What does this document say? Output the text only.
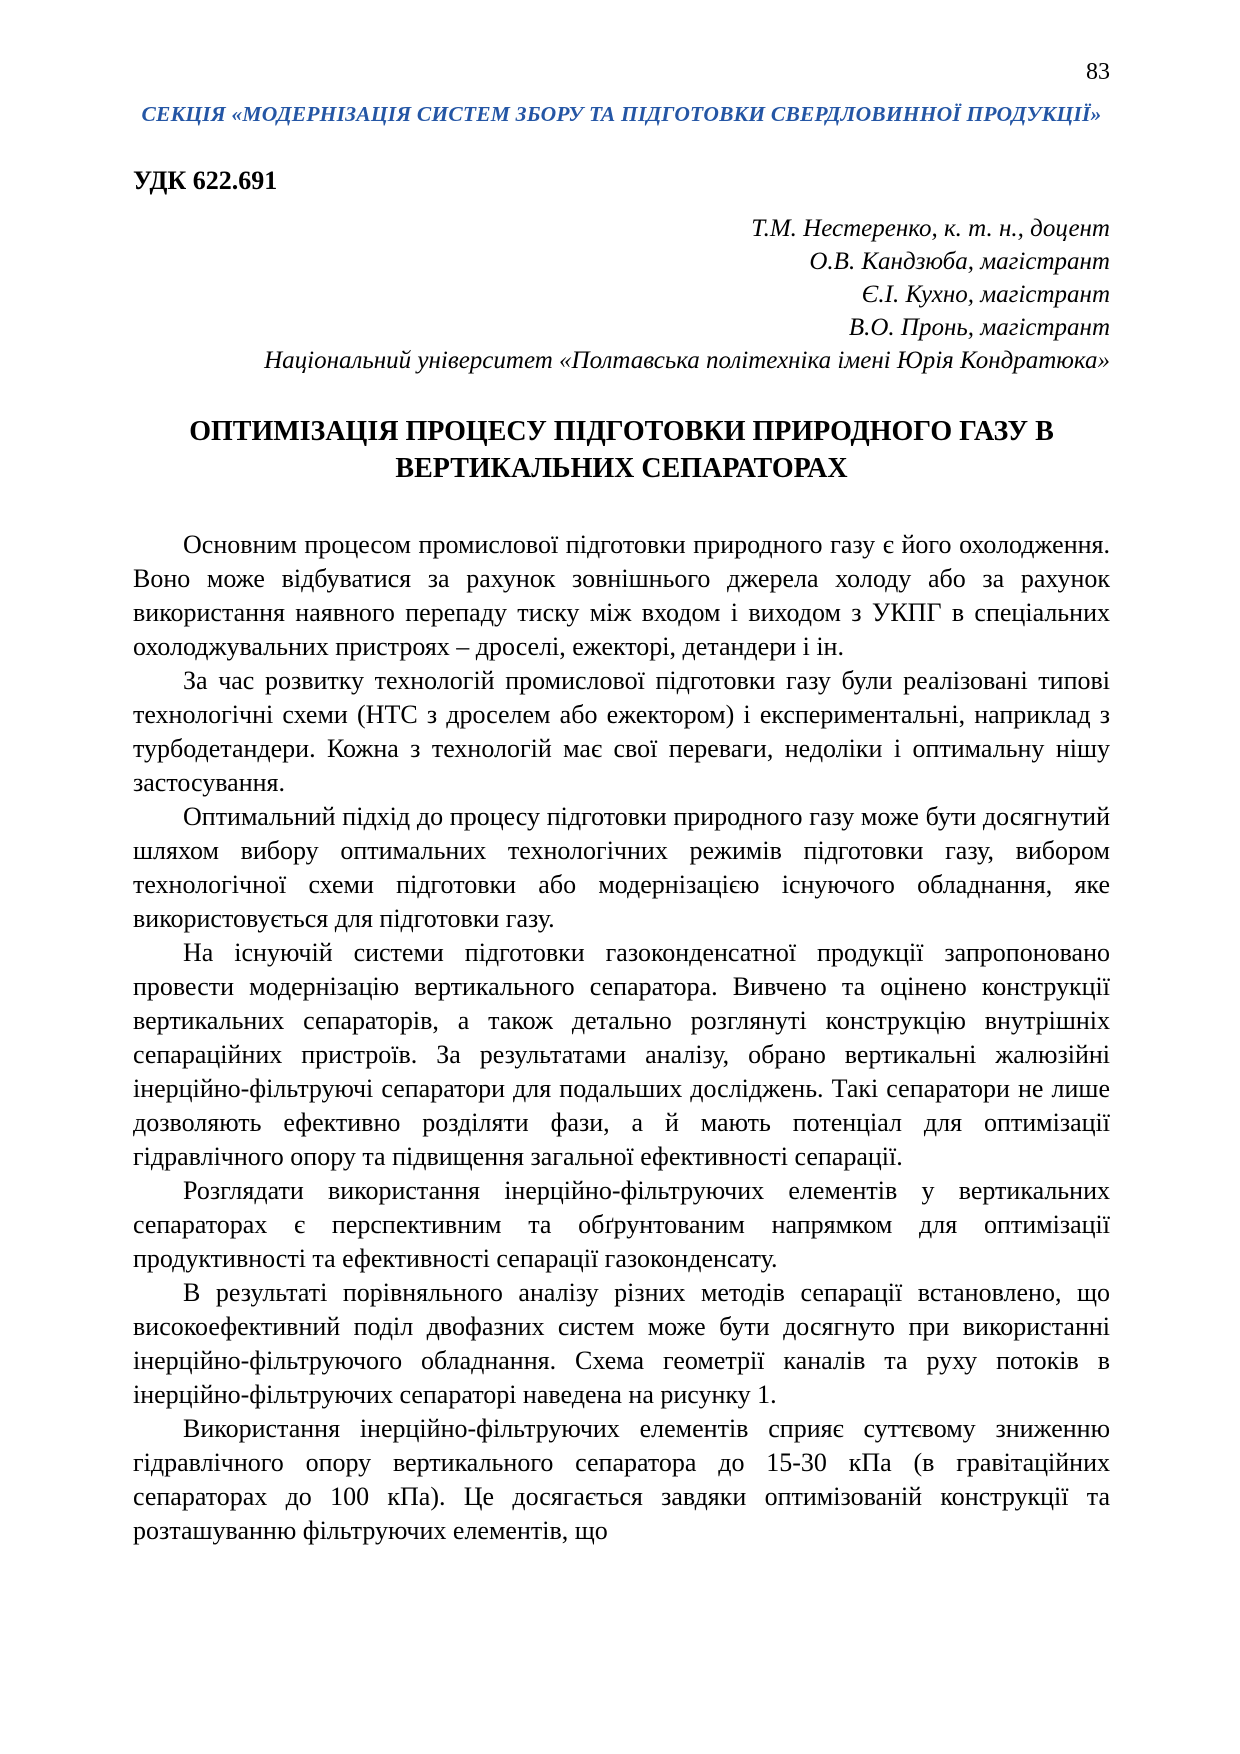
83
СЕКЦІЯ «МОДЕРНІЗАЦІЯ СИСТЕМ ЗБОРУ ТА ПІДГОТОВКИ СВЕРДЛОВИННОЇ ПРОДУКЦІЇ»
УДК 622.691
Т.М. Нестеренко, к. т. н., доцент
О.В. Кандзюба, магістрант
Є.І. Кухно, магістрант
В.О. Пронь, магістрант
Національний університет «Полтавська політехніка імені Юрія Кондратюка»
ОПТИМІЗАЦІЯ ПРОЦЕСУ ПІДГОТОВКИ ПРИРОДНОГО ГАЗУ В ВЕРТИКАЛЬНИХ СЕПАРАТОРАХ

Основним процесом промислової підготовки природного газу є його охолодження. Воно може відбуватися за рахунок зовнішнього джерела холоду або за рахунок використання наявного перепаду тиску між входом і виходом з УКПГ в спеціальних охолоджувальних пристроях – дроселі, ежекторі, детандери і ін.

За час розвитку технологій промислової підготовки газу були реалізовані типові технологічні схеми (НТС з дроселем або ежектором) і експериментальні, наприклад з турбодетандери. Кожна з технологій має свої переваги, недоліки і оптимальну нішу застосування.

Оптимальний підхід до процесу підготовки природного газу може бути досягнутий шляхом вибору оптимальних технологічних режимів підготовки газу, вибором технологічної схеми підготовки або модернізацією існуючого обладнання, яке використовується для підготовки газу.

На існуючій системи підготовки газоконденсатної продукції запропоновано провести модернізацію вертикального сепаратора. Вивчено та оцінено конструкції вертикальних сепараторів, а також детально розглянуті конструкцію внутрішніх сепараційних пристроїв. За результатами аналізу, обрано вертикальні жалюзійні інерційно-фільтруючі сепаратори для подальших досліджень. Такі сепаратори не лише дозволяють ефективно розділяти фази, а й мають потенціал для оптимізації гідравлічного опору та підвищення загальної ефективності сепарації.

Розглядати використання інерційно-фільтруючих елементів у вертикальних сепараторах є перспективним та обґрунтованим напрямком для оптимізації продуктивності та ефективності сепарації газоконденсату.

В результаті порівняльного аналізу різних методів сепарації встановлено, що високоефективний поділ двофазних систем може бути досягнуто при використанні інерційно-фільтруючого обладнання. Схема геометрії каналів та руху потоків в інерційно-фільтруючих сепараторі наведена на рисунку 1.

Використання інерційно-фільтруючих елементів сприяє суттєвому зниженню гідравлічного опору вертикального сепаратора до 15-30 кПа (в гравітаційних сепараторах до 100 кПа). Це досягається завдяки оптимізованій конструкції та розташуванню фільтруючих елементів, що
